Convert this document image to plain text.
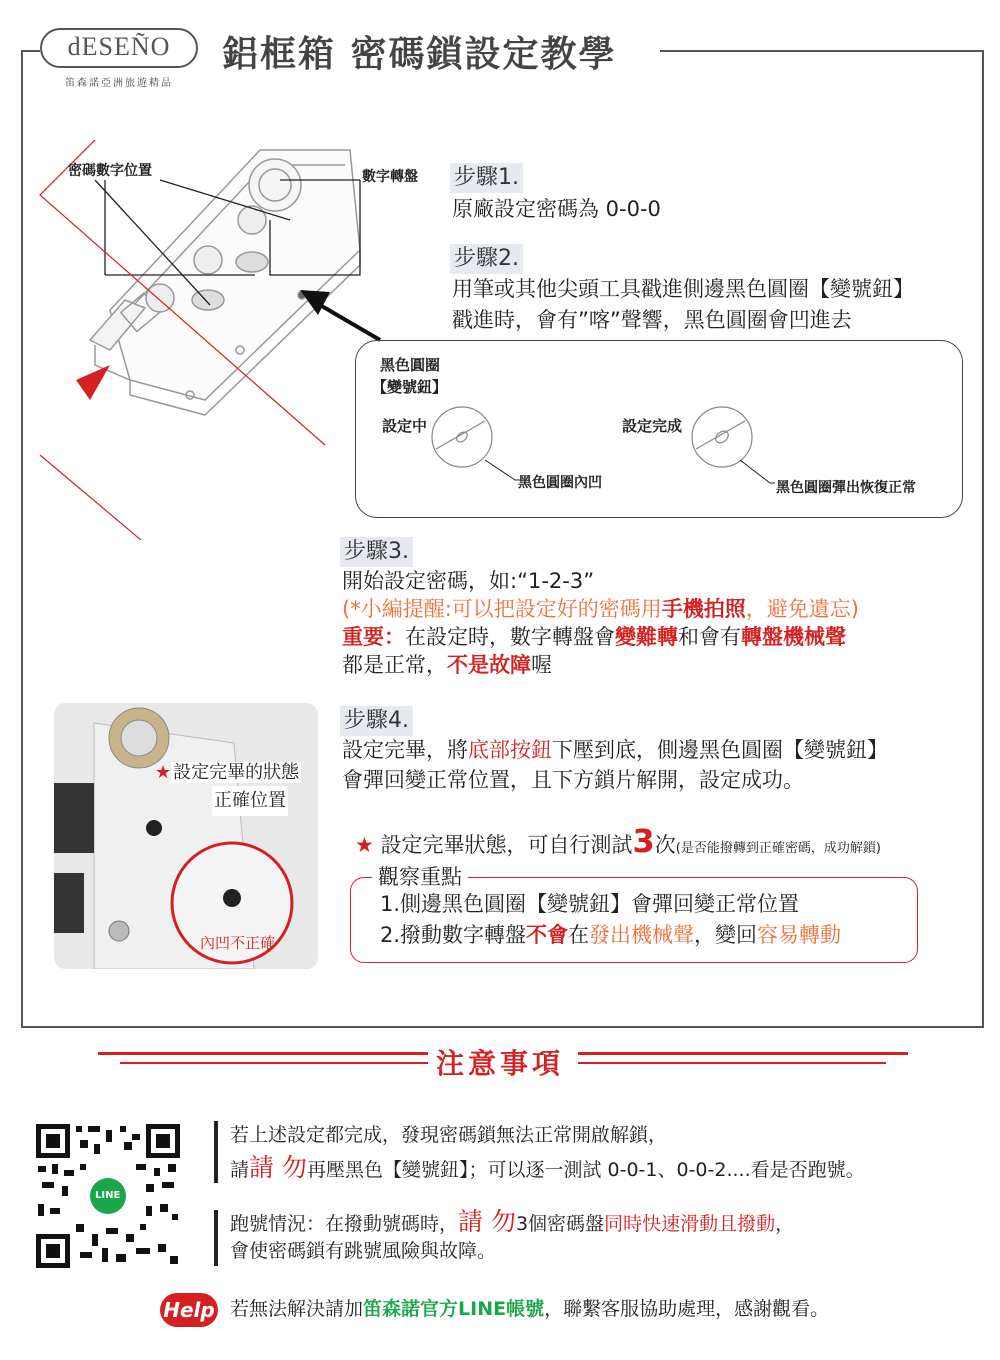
dESEÑO
笛森諾亞洲旅遊精品
鋁框箱 密碼鎖設定教學
密碼數字位置	數字轉盤 步驟1.
原廠設定密碼為 0-0-0
步驟2.
用筆或其他尖頭工具戳進側邊黑色圓圈【變號鈕】
戳進時，會有”喀”聲響，黑色圓圈會凹進去
黑色圓圈
【變號鈕】
設定中	設定完成
黑色圓圈內凹	黑色圓圈彈出恢復正常
步驟3.
開始設定密碼，如:“1-2-3”
(*小編提醒:可以把設定好的密碼用手機拍照，避免遺忘)
重要：在設定時，數字轉盤會變難轉和會有轉盤機械聲
都是正常，不是故障喔
★ 設定完畢的狀態
正確位置
內凹不正確
步驟4.
設定完畢，將底部按鈕下壓到底，側邊黑色圓圈【變號鈕】
會彈回變正常位置，且下方鎖片解開，設定成功。
★ 設定完畢狀態，可自行測試3次(是否能撥轉到正確密碼，成功解鎖)
觀察重點
1.側邊黑色圓圈【變號鈕】會彈回變正常位置
2.撥動數字轉盤不會在發出機械聲，變回容易轉動
注意事項
LINE
若上述設定都完成，發現密碼鎖無法正常開啟解鎖，
請請 勿再壓黑色【變號鈕】；可以逐一測試 0-0-1、0-0-2....看是否跑號。
跑號情況：在撥動號碼時，請 勿3個密碼盤同時快速滑動且撥動，
會使密碼鎖有跳號風險與故障。
Help 若無法解決請加笛森諾官方LINE帳號，聯繫客服協助處理，感謝觀看。
